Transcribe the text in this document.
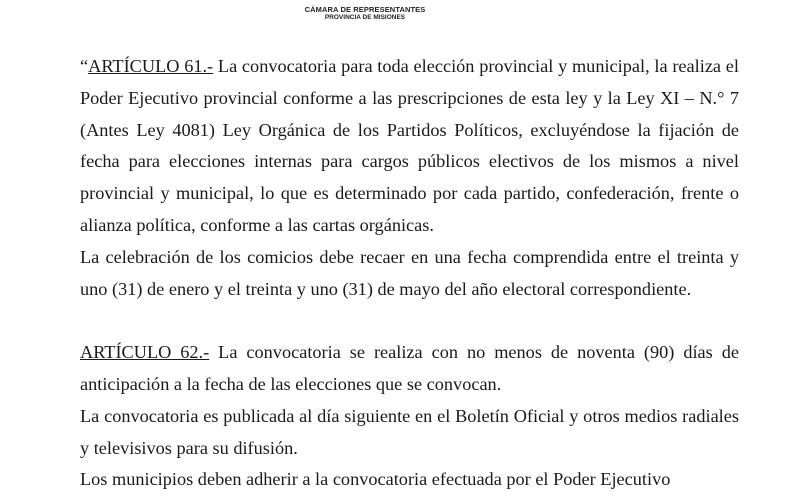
CÁMARA DE REPRESENTANTES
PROVINCIA DE MISIONES

“ARTÍCULO 61.- La convocatoria para toda elección provincial y municipal, la realiza el Poder Ejecutivo provincial conforme a las prescripciones de esta ley y la Ley XI – N.° 7 (Antes Ley 4081) Ley Orgánica de los Partidos Políticos, excluyéndose la fijación de fecha para elecciones internas para cargos públicos electivos de los mismos a nivel provincial y municipal, lo que es determinado por cada partido, confederación, frente o alianza política, conforme a las cartas orgánicas.

La celebración de los comicios debe recaer en una fecha comprendida entre el treinta y uno (31) de enero y el treinta y uno (31) de mayo del año electoral correspondiente.

ARTÍCULO 62.- La convocatoria se realiza con no menos de noventa (90) días de anticipación a la fecha de las elecciones que se convocan.

La convocatoria es publicada al día siguiente en el Boletín Oficial y otros medios radiales y televisivos para su difusión.

Los municipios deben adherir a la convocatoria efectuada por el Poder Ejecutivo
